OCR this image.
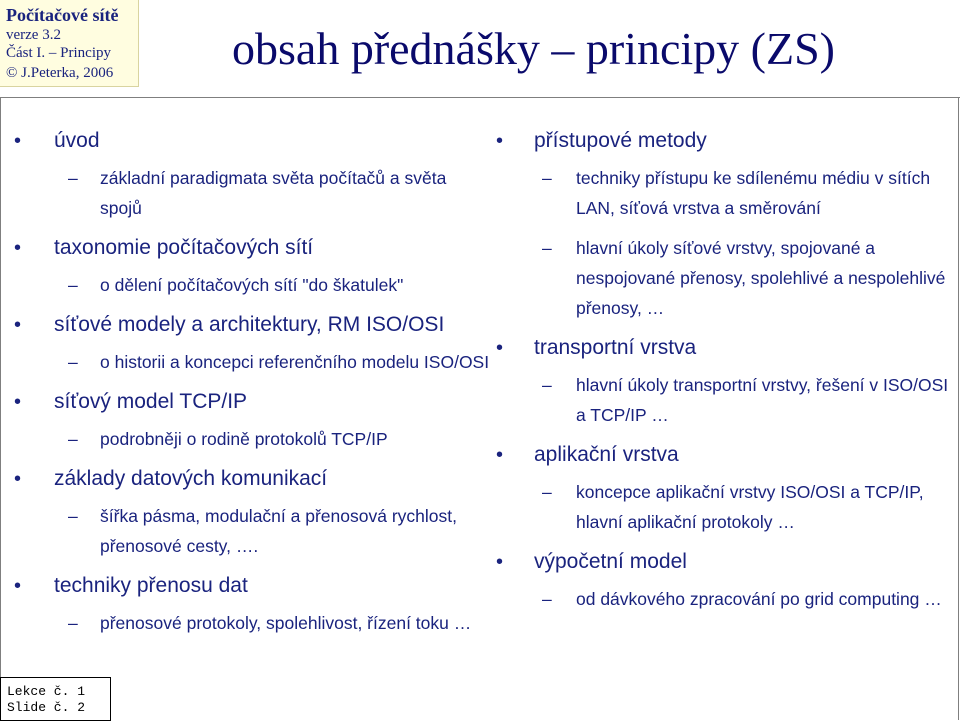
Počítačové sítě
verze 3.2
Část I. – Principy
© J.Peterka, 2006	obsah přednášky – principy (ZS)
• úvod
– základní paradigmata světa počítačů a světa spojů
• taxonomie počítačových sítí
– o dělení počítačových sítí "do škatulek"
• síťové modely a architektury, RM ISO/OSI
– o historii a koncepci referenčního modelu ISO/OSI
• síťový model TCP/IP
– podrobněji o rodině protokolů TCP/IP
• základy datových komunikací
– šířka pásma, modulační a přenosová rychlost, přenosové cesty, ….
• techniky přenosu dat
– přenosové protokoly, spolehlivost, řízení toku …
• přístupové metody
– techniky přístupu ke sdílenému médiu v sítích LAN, síťová vrstva a směrování
– hlavní úkoly síťové vrstvy, spojované a nespojované přenosy, spolehlivé a nespolehlivé přenosy, …
• transportní vrstva
– hlavní úkoly transportní vrstvy, řešení v ISO/OSI a TCP/IP …
• aplikační vrstva
– koncepce aplikační vrstvy ISO/OSI a TCP/IP, hlavní aplikační protokoly …
• výpočetní model
– od dávkového zpracování po grid computing …
Lekce č. 1
Slide č. 2
